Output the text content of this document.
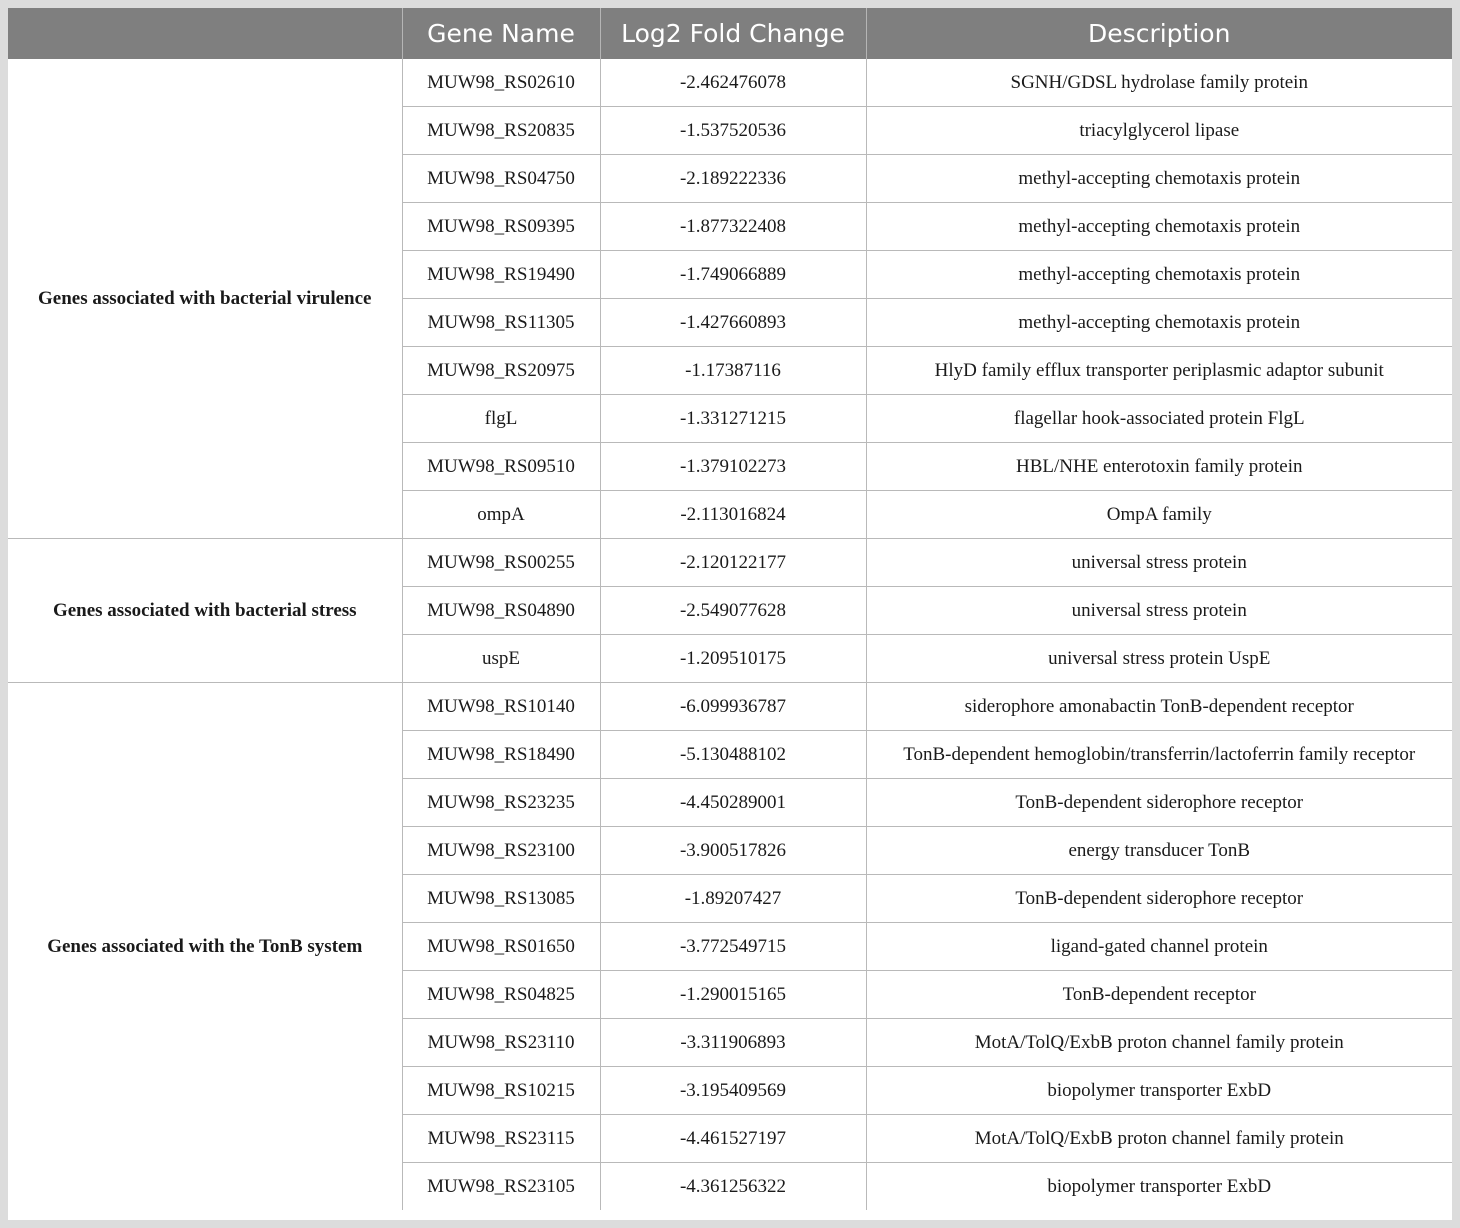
	Gene Name	Log2 Fold Change	Description
Genes associated with bacterial virulence	MUW98_RS02610	-2.462476078	SGNH/GDSL hydrolase family protein
	MUW98_RS20835	-1.537520536	triacylglycerol lipase
	MUW98_RS04750	-2.189222336	methyl-accepting chemotaxis protein
	MUW98_RS09395	-1.877322408	methyl-accepting chemotaxis protein
	MUW98_RS19490	-1.749066889	methyl-accepting chemotaxis protein
	MUW98_RS11305	-1.427660893	methyl-accepting chemotaxis protein
	MUW98_RS20975	-1.17387116	HlyD family efflux transporter periplasmic adaptor subunit
	flgL	-1.331271215	flagellar hook-associated protein FlgL
	MUW98_RS09510	-1.379102273	HBL/NHE enterotoxin family protein
	ompA	-2.113016824	OmpA family
Genes associated with bacterial stress	MUW98_RS00255	-2.120122177	universal stress protein
	MUW98_RS04890	-2.549077628	universal stress protein
	uspE	-1.209510175	universal stress protein UspE
Genes associated with the TonB system	MUW98_RS10140	-6.099936787	siderophore amonabactin TonB-dependent receptor
	MUW98_RS18490	-5.130488102	TonB-dependent hemoglobin/transferrin/lactoferrin family receptor
	MUW98_RS23235	-4.450289001	TonB-dependent siderophore receptor
	MUW98_RS23100	-3.900517826	energy transducer TonB
	MUW98_RS13085	-1.89207427	TonB-dependent siderophore receptor
	MUW98_RS01650	-3.772549715	ligand-gated channel protein
	MUW98_RS04825	-1.290015165	TonB-dependent receptor
	MUW98_RS23110	-3.311906893	MotA/TolQ/ExbB proton channel family protein
	MUW98_RS10215	-3.195409569	biopolymer transporter ExbD
	MUW98_RS23115	-4.461527197	MotA/TolQ/ExbB proton channel family protein
	MUW98_RS23105	-4.361256322	biopolymer transporter ExbD
